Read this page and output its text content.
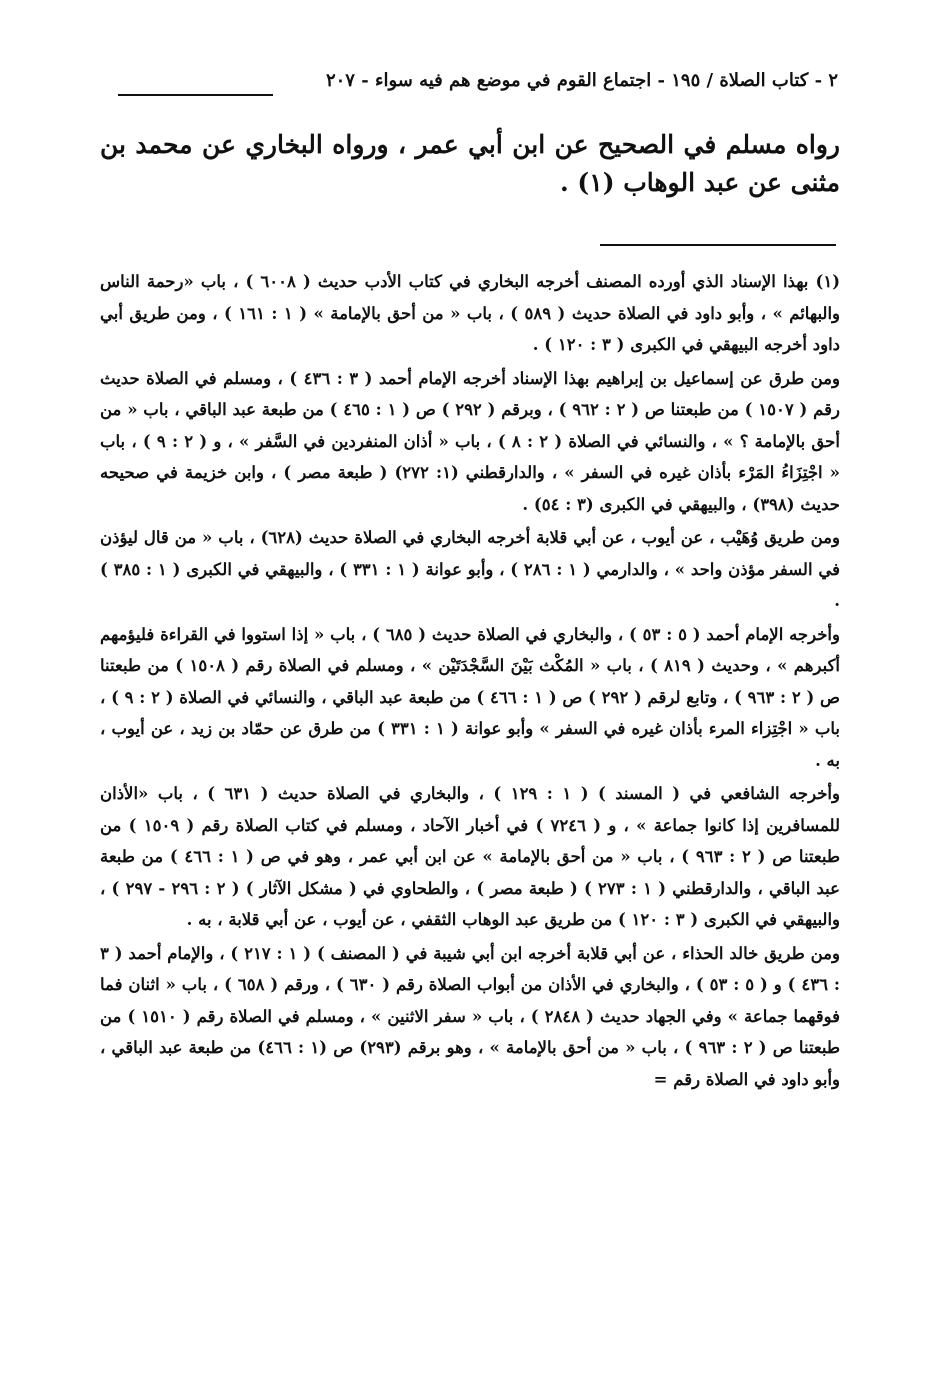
٢ - كتاب الصلاة / ١٩٥ - اجتماع القوم في موضع هم فيه سواء - ٢٠٧
رواه مسلم في الصحيح عن ابن أبي عمر ، ورواه البخاري عن محمد بن مثنى عن عبد الوهاب (١) .

(١) بهذا الإسناد الذي أورده المصنف أخرجه البخاري في كتاب الأدب حديث ( ٦٠٠٨ ) ، باب «رحمة الناس والبهائم » ، وأبو داود في الصلاة حديث ( ٥٨٩ ) ، باب « من أحق بالإمامة » ( ١ : ١٦١ ) ، ومن طريق أبي داود أخرجه البيهقي في الكبرى ( ٣ : ١٢٠ ) .

ومن طرق عن إسماعيل بن إبراهيم بهذا الإسناد أخرجه الإمام أحمد ( ٣ : ٤٣٦ ) ، ومسلم في الصلاة حديث رقم ( ١٥٠٧ ) من طبعتنا ص ( ٢ : ٩٦٢ ) ، وبرقم ( ٢٩٢ ) ص ( ١ : ٤٦٥ ) من طبعة عبد الباقي ، باب « من أحق بالإمامة ؟ » ، والنسائي في الصلاة ( ٢ : ٨ ) ، باب « أذان المنفردين في السَّفر » ، و ( ٢ : ٩ ) ، باب « اجْتِزَاءُ المَرْء بأذان غيره في السفر » ، والدارقطني (١: ٢٧٢) ( طبعة مصر ) ، وابن خزيمة في صحيحه حديث (٣٩٨) ، والبيهقي في الكبرى (٣ : ٥٤) .

ومن طريق وُهَيْب ، عن أيوب ، عن أبي قلابة أخرجه البخاري في الصلاة حديث (٦٢٨) ، باب « من قال ليؤذن في السفر مؤذن واحد » ، والدارمي ( ١ : ٢٨٦ ) ، وأبو عوانة ( ١ : ٣٣١ ) ، والبيهقي في الكبرى ( ١ : ٣٨٥ ) .

وأخرجه الإمام أحمد ( ٥ : ٥٣ ) ، والبخاري في الصلاة حديث ( ٦٨٥ ) ، باب « إذا استووا في القراءة فليؤمهم أكبرهم » ، وحديث ( ٨١٩ ) ، باب « المُكْث بَيْنَ السَّجْدَتَيْن » ، ومسلم في الصلاة رقم ( ١٥٠٨ ) من طبعتنا ص ( ٢ : ٩٦٣ ) ، وتابع لرقم ( ٢٩٢ ) ص ( ١ : ٤٦٦ ) من طبعة عبد الباقي ، والنسائي في الصلاة ( ٢ : ٩ ) ، باب « اجْتِزاء المرء بأذان غيره في السفر » وأبو عوانة ( ١ : ٣٣١ ) من طرق عن حمّاد بن زيد ، عن أيوب ، به .

وأخرجه الشافعي في ( المسند ) ( ١ : ١٢٩ ) ، والبخاري في الصلاة حديث ( ٦٣١ ) ، باب «الأذان للمسافرين إذا كانوا جماعة » ، و ( ٧٢٤٦ ) في أخبار الآحاد ، ومسلم في كتاب الصلاة رقم ( ١٥٠٩ ) من طبعتنا ص ( ٢ : ٩٦٣ ) ، باب « من أحق بالإمامة » عن ابن أبي عمر ، وهو في ص ( ١ : ٤٦٦ ) من طبعة عبد الباقي ، والدارقطني ( ١ : ٢٧٣ ) ( طبعة مصر ) ، والطحاوي في ( مشكل الآثار ) ( ٢ : ٢٩٦ - ٢٩٧ ) ، والبيهقي في الكبرى ( ٣ : ١٢٠ ) من طريق عبد الوهاب الثقفي ، عن أيوب ، عن أبي قلابة ، به .

ومن طريق خالد الحذاء ، عن أبي قلابة أخرجه ابن أبي شيبة في ( المصنف ) ( ١ : ٢١٧ ) ، والإمام أحمد ( ٣ : ٤٣٦ ) و ( ٥ : ٥٣ ) ، والبخاري في الأذان من أبواب الصلاة رقم ( ٦٣٠ ) ، ورقم ( ٦٥٨ ) ، باب « اثنان فما فوقهما جماعة » وفي الجهاد حديث ( ٢٨٤٨ ) ، باب « سفر الاثنين » ، ومسلم في الصلاة رقم ( ١٥١٠ ) من طبعتنا ص ( ٢ : ٩٦٣ ) ، باب « من أحق بالإمامة » ، وهو برقم (٢٩٣) ص (١ : ٤٦٦) من طبعة عبد الباقي ، وأبو داود في الصلاة رقم =
